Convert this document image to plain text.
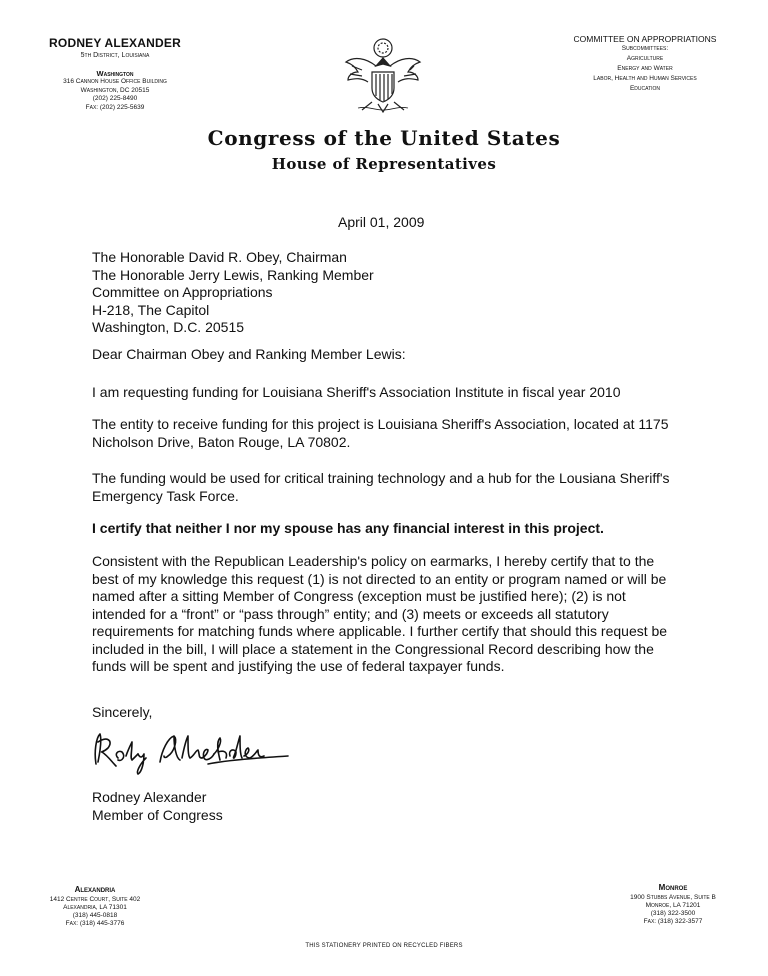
RODNEY ALEXANDER
5th District, Louisiana
Washington
316 Cannon House Office Building
Washington, DC 20515
(202) 225-8490
Fax: (202) 225-5639
COMMITTEE ON APPROPRIATIONS
Subcommittees:
Agriculture
Energy and Water
Labor, Health and Human Services
Education
Congress of the United States
House of Representatives
April 01, 2009
The Honorable David R. Obey, Chairman
The Honorable Jerry Lewis, Ranking Member
Committee on Appropriations
H-218, The Capitol
Washington, D.C. 20515
Dear Chairman Obey and Ranking Member Lewis:
I am requesting funding for Louisiana Sheriff's Association Institute in fiscal year 2010
The entity to receive funding for this project is Louisiana Sheriff's Association, located at 1175 Nicholson Drive, Baton Rouge, LA 70802.
The funding would be used for critical training technology and a hub for the Lousiana Sheriff's Emergency Task Force.
I certify that neither I nor my spouse has any financial interest in this project.
Consistent with the Republican Leadership's policy on earmarks, I hereby certify that to the best of my knowledge this request (1) is not directed to an entity or program named or will be named after a sitting Member of Congress (exception must be justified here); (2) is not intended for a “front” or “pass through” entity; and (3) meets or exceeds all statutory requirements for matching funds where applicable. I further certify that should this request be included in the bill, I will place a statement in the Congressional Record describing how the funds will be spent and justifying the use of federal taxpayer funds.
Sincerely,
Rodney Alexander
Member of Congress
Alexandria
1412 Centre Court, Suite 402
Alexandria, LA 71301
(318) 445-0818
Fax: (318) 445-3776
Monroe
1900 Stubbs Avenue, Suite B
Monroe, LA 71201
(318) 322-3500
Fax: (318) 322-3577
THIS STATIONERY PRINTED ON RECYCLED FIBERS
